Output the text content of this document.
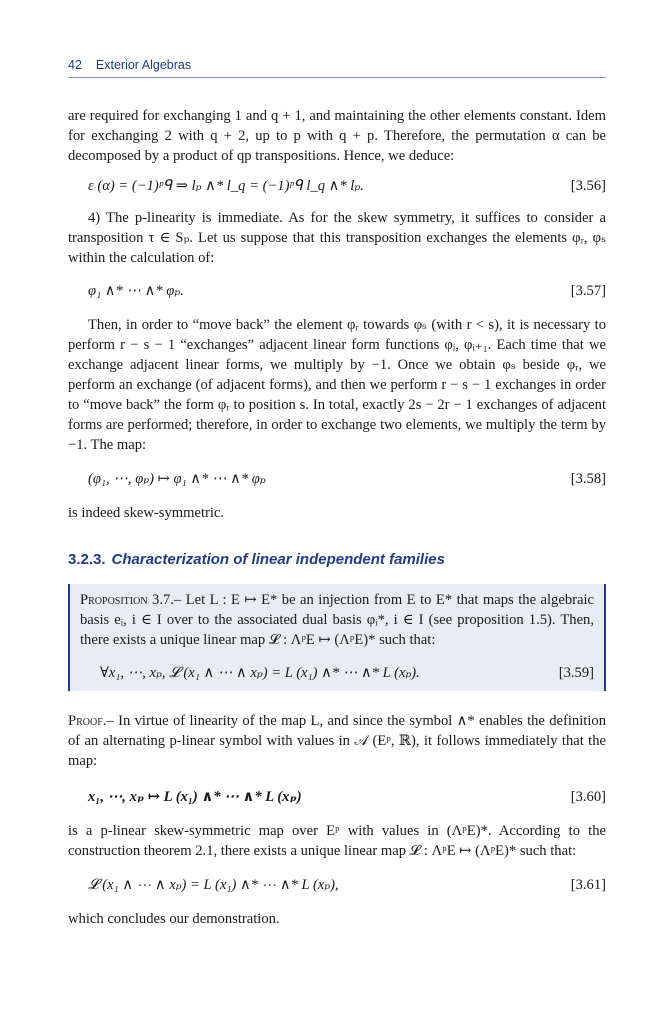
42 Exterior Algebras

are required for exchanging 1 and q + 1, and maintaining the other elements constant. Idem for exchanging 2 with q + 2, up to p with q + p. Therefore, the permutation α can be decomposed by a product of qp transpositions. Hence, we deduce:

ε (α) = (−1)ᵖᑫ ⇒ lₚ ∧* l_q = (−1)ᵖᑫ l_q ∧* lₚ.	[3.56]

4) The p-linearity is immediate. As for the skew symmetry, it suffices to consider a transposition τ ∈ Sₚ. Let us suppose that this transposition exchanges the elements φᵣ, φₛ within the calculation of:

φ₁ ∧* ⋯ ∧* φₚ.	[3.57]

Then, in order to “move back” the element φᵣ towards φₛ (with r < s), it is necessary to perform r − s − 1 “exchanges” adjacent linear form functions φᵢ, φᵢ₊₁. Each time that we exchange adjacent linear forms, we multiply by −1. Once we obtain φₛ beside φᵣ, we perform an exchange (of adjacent forms), and then we perform r − s − 1 exchanges in order to “move back” the form φᵣ to position s. In total, exactly 2s − 2r − 1 exchanges of adjacent forms are performed; therefore, in order to exchange two elements, we multiply the term by −1. The map:

(φ₁, ⋯, φₚ) ↦ φ₁ ∧* ⋯ ∧* φₚ	[3.58]

is indeed skew-symmetric.

3.2.3. Characterization of linear independent families

Proposition 3.7.– Let L : E ↦ E* be an injection from E to E* that maps the algebraic basis eᵢ, i ∈ I over to the associated dual basis φᵢ*, i ∈ I (see proposition 1.5). Then, there exists a unique linear map 𝓛 : ΛᵖE ↦ (ΛᵖE)* such that:

∀x₁, ⋯, xₚ, 𝓛 (x₁ ∧ ⋯ ∧ xₚ) = L (x₁) ∧* ⋯ ∧* L (xₚ).	[3.59]

Proof.– In virtue of linearity of the map L, and since the symbol ∧* enables the definition of an alternating p-linear symbol with values in 𝒜 (Eᵖ, ℝ), it follows immediately that the map:

x₁, ⋯, xₚ ↦ L (x₁) ∧* ⋯ ∧* L (xₚ)	[3.60]

is a p-linear skew-symmetric map over Eᵖ with values in (ΛᵖE)*. According to the construction theorem 2.1, there exists a unique linear map 𝓛 : ΛᵖE ↦ (ΛᵖE)* such that:

𝓛 (x₁ ∧ ⋯ ∧ xₚ) = L (x₁) ∧* ⋯ ∧* L (xₚ),	[3.61]

which concludes our demonstration.
